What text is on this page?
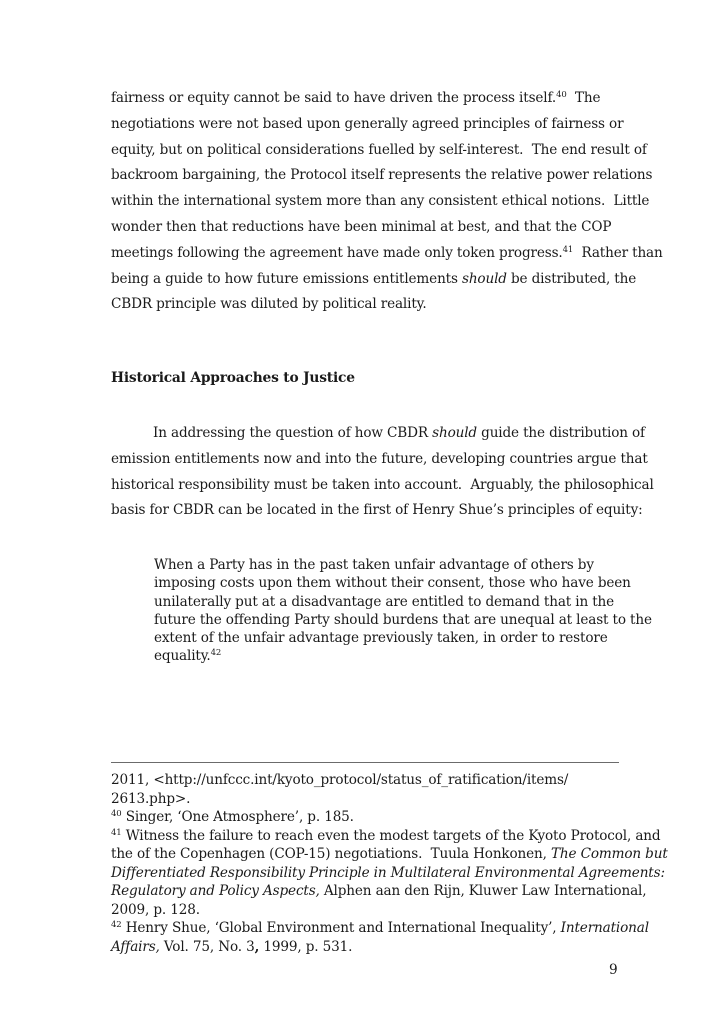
fairness or equity cannot be said to have driven the process itself.$^{40}$  The
negotiations were not based upon generally agreed principles of fairness or
equity, but on political considerations fuelled by self-interest.  The end result of
backroom bargaining, the Protocol itself represents the relative power relations
within the international system more than any consistent ethical notions.  Little
wonder then that reductions have been minimal at best, and that the COP
meetings following the agreement have made only token progress.$^{41}$  Rather than
being a guide to how future emissions entitlements should be distributed, the
CBDR principle was diluted by political reality.
Historical Approaches to Justice
In addressing the question of how CBDR should guide the distribution of
emission entitlements now and into the future, developing countries argue that
historical responsibility must be taken into account.  Arguably, the philosophical
basis for CBDR can be located in the first of Henry Shue’s principles of equity:
When a Party has in the past taken unfair advantage of others by
imposing costs upon them without their consent, those who have been
unilaterally put at a disadvantage are entitled to demand that in the
future the offending Party should burdens that are unequal at least to the
extent of the unfair advantage previously taken, in order to restore
equality.$^{42}$
2011, <http://unfccc.int/kyoto_protocol/status_of_ratification/items/
2613.php>.
$^{40}$ Singer, ‘One Atmosphere’, p. 185.
$^{41}$ Witness the failure to reach even the modest targets of the Kyoto Protocol, and
the of the Copenhagen (COP-15) negotiations.  Tuula Honkonen, The Common but
Differentiated Responsibility Principle in Multilateral Environmental Agreements:
Regulatory and Policy Aspects, Alphen aan den Rijn, Kluwer Law International,
2009, p. 128.
$^{42}$ Henry Shue, ‘Global Environment and International Inequality’, International
Affairs, Vol. 75, No. 3, 1999, p. 531.
9
